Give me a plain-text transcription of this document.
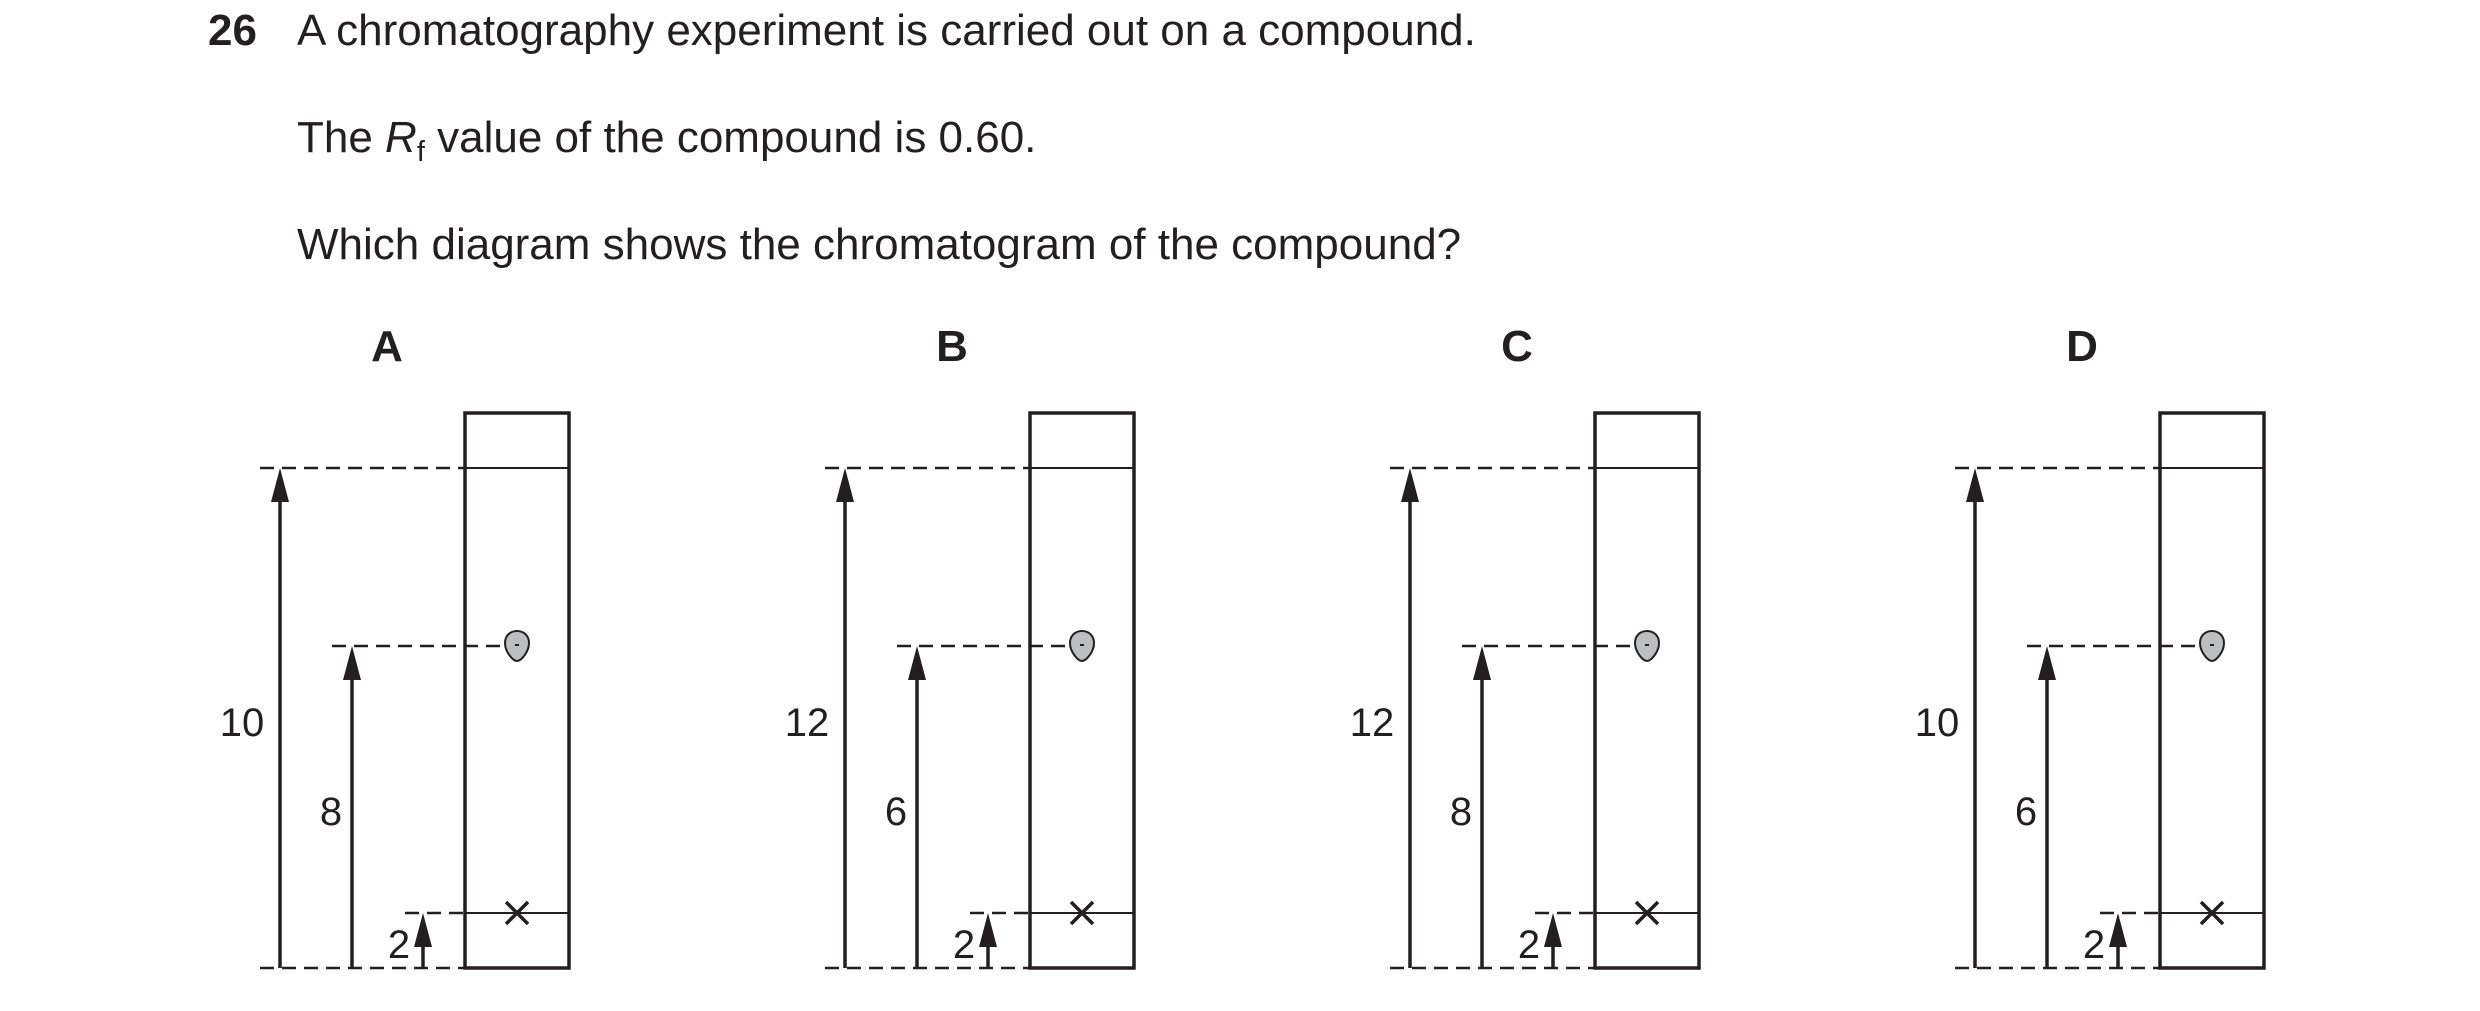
26 A chromatography experiment is carried out on a compound.
The $R_f$ value of the compound is 0.60.
Which diagram shows the chromatogram of the compound?
A
10
8
2
B
12
6
2
C
12
8
2
D
10
6
2
